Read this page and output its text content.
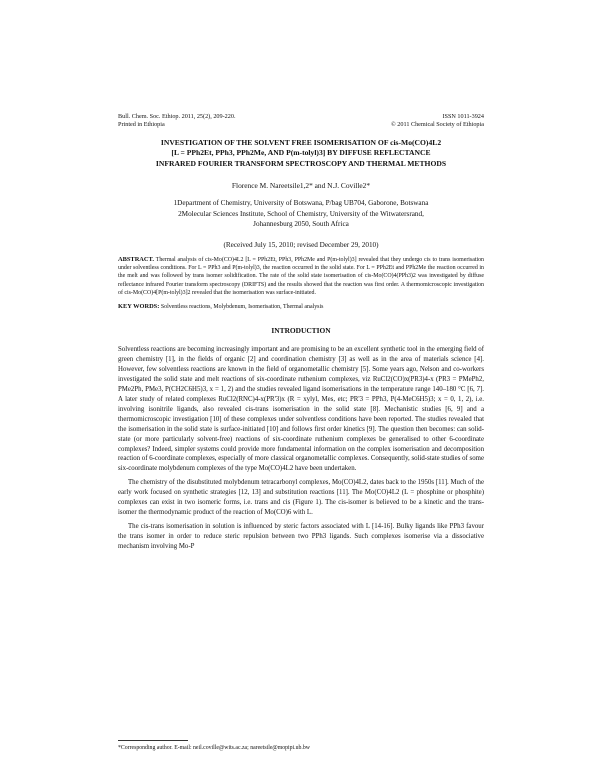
Bull. Chem. Soc. Ethiop. 2011, 25(2), 209-220.	ISSN 1011-3924
Printed in Ethiopia	© 2011 Chemical Society of Ethiopia
INVESTIGATION OF THE SOLVENT FREE ISOMERISATION OF cis-Mo(CO)4L2
[L = PPh2Et, PPh3, PPh2Me, AND P(m-tolyl)3] BY DIFFUSE REFLECTANCE
INFRARED FOURIER TRANSFORM SPECTROSCOPY AND THERMAL METHODS
Florence M. Nareetsile1,2* and N.J. Coville2*
1Department of Chemistry, University of Botswana, P/bag UB704, Gaborone, Botswana
2Molecular Sciences Institute, School of Chemistry, University of the Witwatersrand,
Johannesburg 2050, South Africa
(Received July 15, 2010; revised December 29, 2010)
ABSTRACT. Thermal analysis of cis-Mo(CO)4L2 [L = PPh2Et, PPh3, PPh2Me and P(m-tolyl)3] revealed that they undergo cis to trans isomerisation under solventless conditions. For L = PPh3 and P(m-tolyl)3, the reaction occurred in the solid state. For L = PPh2Et and PPh2Me the reaction occurred in the melt and was followed by trans isomer solidification. The rate of the solid state isomerisation of cis-Mo(CO)4(PPh3)2 was investigated by diffuse reflectance infrared Fourier transform spectroscopy (DRIFTS) and the results showed that the reaction was first order. A thermomicroscopic investigation of cis-Mo(CO)4[P(m-tolyl)3]2 revealed that the isomerisation was surface-initiated.
KEY WORDS: Solventless reactions, Molybdenum, Isomerisation, Thermal analysis
INTRODUCTION

Solventless reactions are becoming increasingly important and are promising to be an excellent synthetic tool in the emerging field of green chemistry [1], in the fields of organic [2] and coordination chemistry [3] as well as in the area of materials science [4]. However, few solventless reactions are known in the field of organometallic chemistry [5]. Some years ago, Nelson and co-workers investigated the solid state and melt reactions of six-coordinate ruthenium complexes, viz RuCl2(CO)x(PR3)4-x (PR3 = PMePh2, PMe2Ph, PMe3, P(CH2C6H5)3, x = 1, 2) and the studies revealed ligand isomerisations in the temperature range 140–180 °C [6, 7]. A later study of related complexes RuCl2(RNC)4-x(PR'3)x (R = xylyl, Mes, etc; PR'3 = PPh3, P(4-MeC6H5)3; x = 0, 1, 2), i.e. involving isonitrile ligands, also revealed cis-trans isomerisation in the solid state [8]. Mechanistic studies [6, 9] and a thermomicroscopic investigation [10] of these complexes under solventless conditions have been reported. The studies revealed that the isomerisation in the solid state is surface-initiated [10] and follows first order kinetics [9]. The question then becomes: can solid-state (or more particularly solvent-free) reactions of six-coordinate ruthenium complexes be generalised to other 6-coordinate complexes? Indeed, simpler systems could provide more fundamental information on the complex isomerisation and decomposition reaction of 6-coordinate complexes, especially of more classical organometallic complexes. Consequently, solid-state studies of some six-coordinate molybdenum complexes of the type Mo(CO)4L2 have been undertaken.

The chemistry of the disubstituted molybdenum tetracarbonyl complexes, Mo(CO)4L2, dates back to the 1950s [11]. Much of the early work focused on synthetic strategies [12, 13] and substitution reactions [11]. The Mo(CO)4L2 (L = phosphine or phosphite) complexes can exist in two isomeric forms, i.e. trans and cis (Figure 1). The cis-isomer is believed to be a kinetic and the trans-isomer the thermodynamic product of the reaction of Mo(CO)6 with L.

The cis-trans isomerisation in solution is influenced by steric factors associated with L [14-16]. Bulky ligands like PPh3 favour the trans isomer in order to reduce steric repulsion between two PPh3 ligands. Such complexes isomerise via a dissociative mechanism involving Mo-P

*Corresponding author. E-mail: neil.coville@wits.ac.za; nareetsile@mopipi.ub.bw
